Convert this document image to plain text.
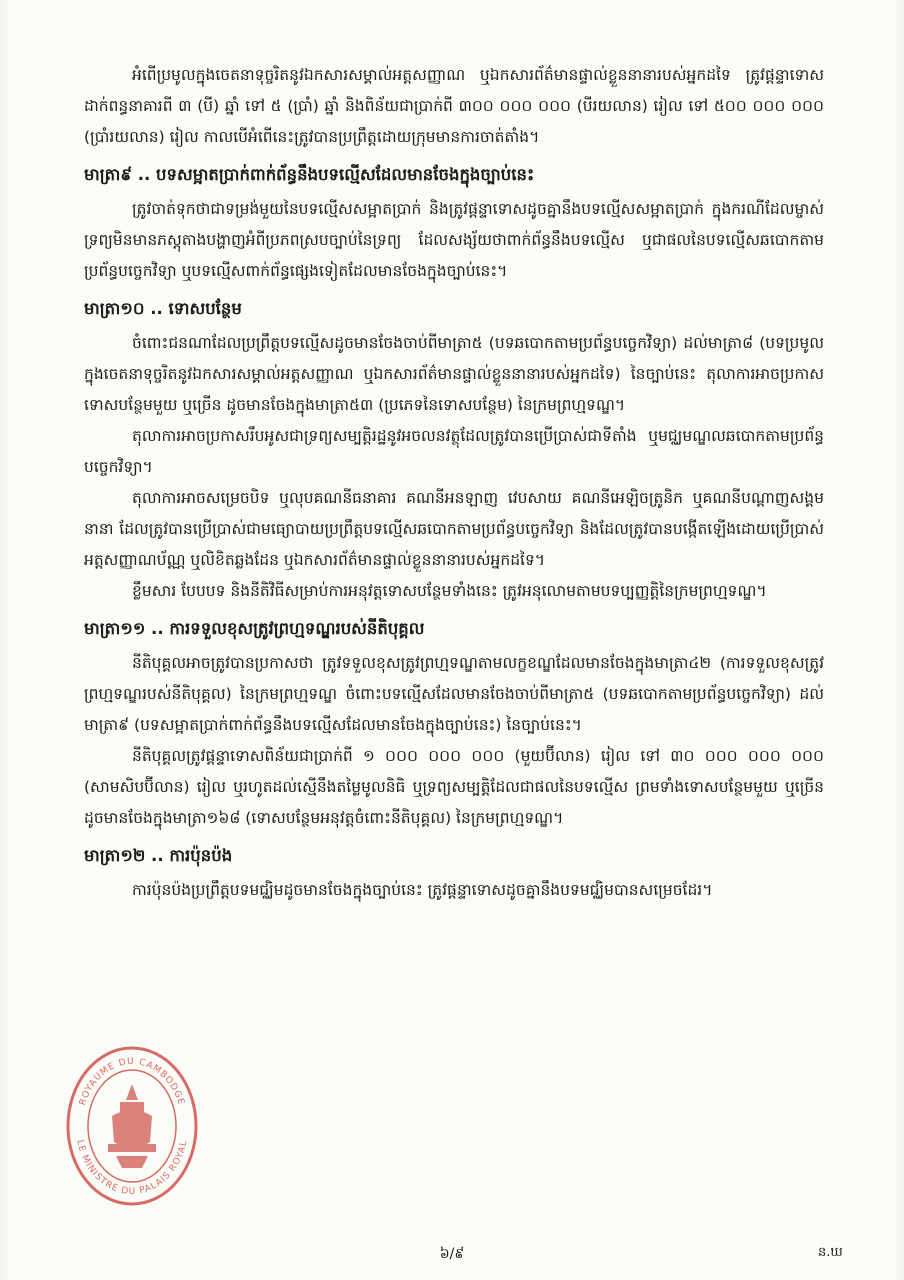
អំពើប្រមូលក្នុងចេតនាទុច្ចរិតនូវឯកសារសម្គាល់អត្តសញ្ញាណ ឬឯកសារព័ត៌មានផ្ទាល់ខ្លួននានារបស់អ្នកដទៃ ត្រូវផ្តន្ទាទោសដាក់ពន្ធនាគារពី ៣ (បី) ឆ្នាំ ទៅ ៥ (ប្រាំ) ឆ្នាំ និងពិន័យជាប្រាក់ពី ៣០០ ០០០ ០០០ (បីរយលាន) រៀល ទៅ ៥០០ ០០០ ០០០ (ប្រាំរយលាន) រៀល កាលបើអំពើនេះត្រូវបានប្រព្រឹត្តដោយក្រុមមានការចាត់តាំង។

មាត្រា៩ .. បទសម្អាតប្រាក់ពាក់ព័ន្ធនឹងបទល្មើសដែលមានចែងក្នុងច្បាប់នេះ

ត្រូវចាត់ទុកថាជាទម្រង់មួយនៃបទល្មើសសម្អាតប្រាក់ និងត្រូវផ្តន្ទាទោសដូចគ្នានឹងបទល្មើសសម្អាតប្រាក់ ក្នុងករណីដែលម្ចាស់ទ្រព្យមិនមានភស្តុតាងបង្ហាញអំពីប្រភពស្របច្បាប់នៃទ្រព្យ ដែលសង្ស័យថាពាក់ព័ន្ធនឹងបទល្មើស ឬជាផលនៃបទល្មើសឆបោកតាមប្រព័ន្ធបច្ចេកវិទ្យា ឬបទល្មើសពាក់ព័ន្ធផ្សេងទៀតដែលមានចែងក្នុងច្បាប់នេះ។

មាត្រា១០ .. ទោសបន្ថែម

ចំពោះជនណាដែលប្រព្រឹត្តបទល្មើសដូចមានចែងចាប់ពីមាត្រា៥ (បទឆបោកតាមប្រព័ន្ធបច្ចេកវិទ្យា) ដល់មាត្រា៨ (បទប្រមូលក្នុងចេតនាទុច្ចរិតនូវឯកសារសម្គាល់អត្តសញ្ញាណ ឬឯកសារព័ត៌មានផ្ទាល់ខ្លួននានារបស់អ្នកដទៃ) នៃច្បាប់នេះ តុលាការអាចប្រកាសទោសបន្ថែមមួយ ឬច្រើន ដូចមានចែងក្នុងមាត្រា៥៣ (ប្រភេទនៃទោសបន្ថែម) នៃក្រមព្រហ្មទណ្ឌ។

តុលាការអាចប្រកាសរឹបអូសជាទ្រព្យសម្បត្តិរដ្ឋនូវអចលនវត្ថុដែលត្រូវបានប្រើប្រាស់ជាទីតាំង ឬមជ្ឈមណ្ឌលឆបោកតាមប្រព័ន្ធបច្ចេកវិទ្យា។

តុលាការអាចសម្រេចបិទ ឬលុបគណនីធនាគារ គណនីអនឡាញ វេបសាយ គណនីអេឡិចត្រូនិក ឬគណនីបណ្តាញសង្គមនានា ដែលត្រូវបានប្រើប្រាស់ជាមធ្យោបាយប្រព្រឹត្តបទល្មើសឆបោកតាមប្រព័ន្ធបច្ចេកវិទ្យា និងដែលត្រូវបានបង្កើតឡើងដោយប្រើប្រាស់អត្តសញ្ញាណប័ណ្ណ ឬលិខិតឆ្លងដែន ឬឯកសារព័ត៌មានផ្ទាល់ខ្លួននានារបស់អ្នកដទៃ។

ខ្លឹមសារ បែបបទ និងនីតិវិធីសម្រាប់ការអនុវត្តទោសបន្ថែមទាំងនេះ ត្រូវអនុលោមតាមបទប្បញ្ញត្តិនៃក្រមព្រហ្មទណ្ឌ។

មាត្រា១១ .. ការទទួលខុសត្រូវព្រហ្មទណ្ឌរបស់នីតិបុគ្គល

នីតិបុគ្គលអាចត្រូវបានប្រកាសថា ត្រូវទទួលខុសត្រូវព្រហ្មទណ្ឌតាមលក្ខខណ្ឌដែលមានចែងក្នុងមាត្រា៤២ (ការទទួលខុសត្រូវព្រហ្មទណ្ឌរបស់នីតិបុគ្គល) នៃក្រមព្រហ្មទណ្ឌ ចំពោះបទល្មើសដែលមានចែងចាប់ពីមាត្រា៥ (បទឆបោកតាមប្រព័ន្ធបច្ចេកវិទ្យា) ដល់មាត្រា៩ (បទសម្អាតប្រាក់ពាក់ព័ន្ធនឹងបទល្មើសដែលមានចែងក្នុងច្បាប់នេះ) នៃច្បាប់នេះ។

នីតិបុគ្គលត្រូវផ្តន្ទាទោសពិន័យជាប្រាក់ពី ១ ០០០ ០០០ ០០០ (មួយប៊ីលាន) រៀល ទៅ ៣០ ០០០ ០០០ ០០០ (សាមសិបប៊ីលាន) រៀល ឬរហូតដល់ស្មើនឹងតម្លៃមូលនិធិ ឬទ្រព្យសម្បត្តិដែលជាផលនៃបទល្មើស ព្រមទាំងទោសបន្ថែមមួយ ឬច្រើន ដូចមានចែងក្នុងមាត្រា១៦៨ (ទោសបន្ថែមអនុវត្តចំពោះនីតិបុគ្គល) នៃក្រមព្រហ្មទណ្ឌ។

មាត្រា១២ .. ការប៉ុនប៉ង

ការប៉ុនប៉ងប្រព្រឹត្តបទមជ្ឈិមដូចមានចែងក្នុងច្បាប់នេះ ត្រូវផ្តន្ទាទោសដូចគ្នានឹងបទមជ្ឈិមបានសម្រេចដែរ។

ROYAUME DU CAMBODGE
LE MINISTRE DU PALAIS ROYAL
៦/៩	ន.ឃ
